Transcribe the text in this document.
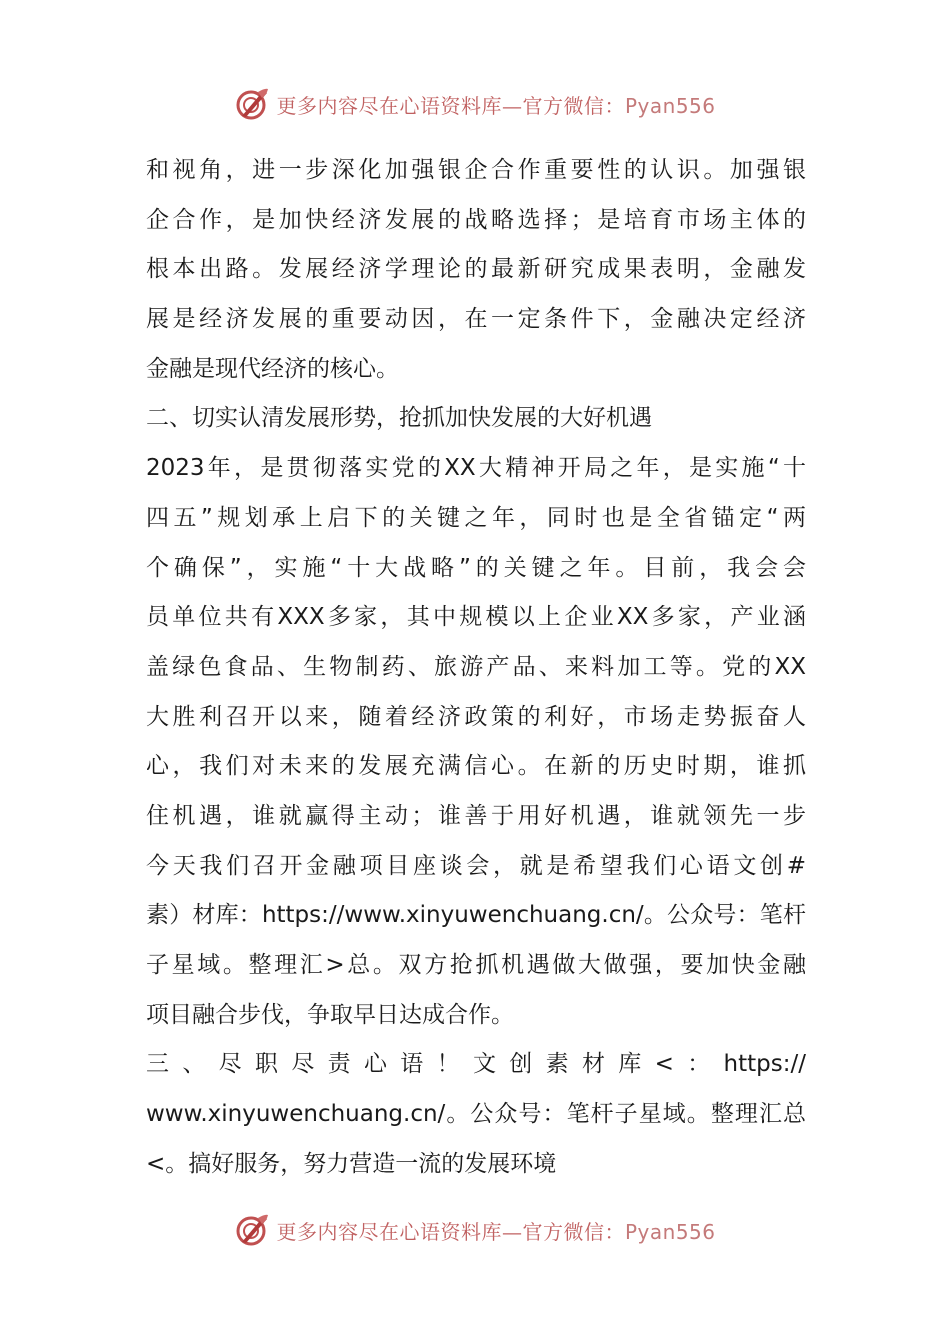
更多内容尽在心语资料库—官方微信：Pyan556
和视角，进一步深化加强银企合作重要性的认识。加强银
企合作，是加快经济发展的战略选择；是培育市场主体的
根本出路。发展经济学理论的最新研究成果表明，金融发
展是经济发展的重要动因，在一定条件下，金融决定经济
金融是现代经济的核心。
二、切实认清发展形势，抢抓加快发展的大好机遇
2023年，是贯彻落实党的XX大精神开局之年，是实施“十
四五”规划承上启下的关键之年，同时也是全省锚定“两
个确保”，实施“十大战略”的关键之年。目前，我会会
员单位共有XXX多家，其中规模以上企业XX多家，产业涵
盖绿色食品、生物制药、旅游产品、来料加工等。党的XX
大胜利召开以来，随着经济政策的利好，市场走势振奋人
心，我们对未来的发展充满信心。在新的历史时期，谁抓
住机遇，谁就赢得主动；谁善于用好机遇，谁就领先一步
今天我们召开金融项目座谈会，就是希望我们心语文创#
素）材库：https://www.xinyuwenchuang.cn/。公众号：笔杆
子星域。整理汇>总。双方抢抓机遇做大做强，要加快金融
项目融合步伐，争取早日达成合作。
三、尽职尽责心语！文创素材库<：https://
www.xinyuwenchuang.cn/。公众号：笔杆子星域。整理汇总
<。搞好服务，努力营造一流的发展环境
更多内容尽在心语资料库—官方微信：Pyan556
